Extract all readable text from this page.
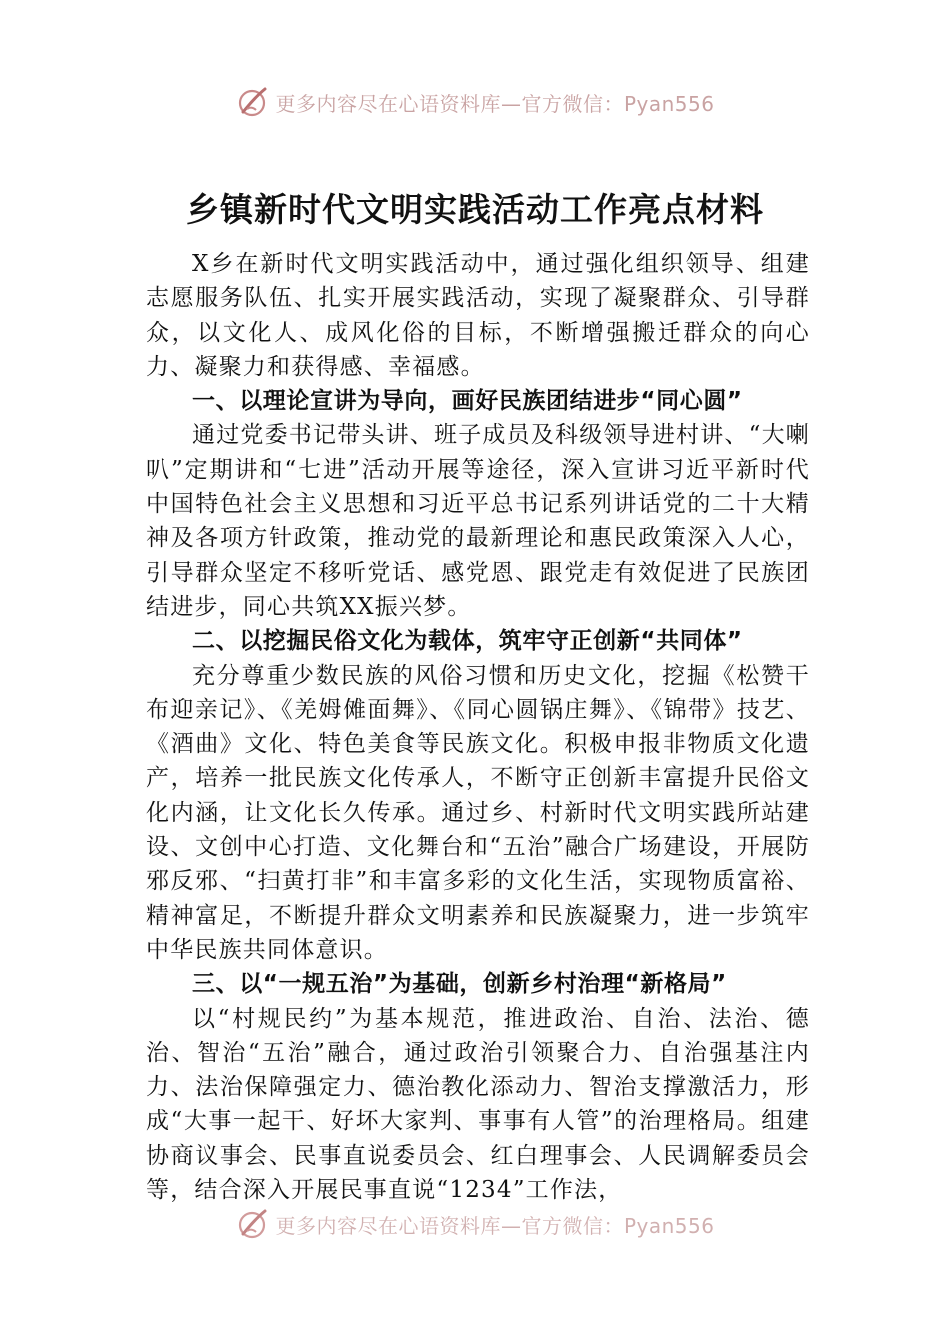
更多内容尽在心语资料库—官方微信：Pyan556
乡镇新时代文明实践活动工作亮点材料

X乡在新时代文明实践活动中，通过强化组织领导、组建志愿服务队伍、扎实开展实践活动，实现了凝聚群众、引导群众，以文化人、成风化俗的目标，不断增强搬迁群众的向心力、凝聚力和获得感、幸福感。

一、以理论宣讲为导向，画好民族团结进步“同心圆”

通过党委书记带头讲、班子成员及科级领导进村讲、“大喇叭”定期讲和“七进”活动开展等途径，深入宣讲习近平新时代中国特色社会主义思想和习近平总书记系列讲话党的二十大精神及各项方针政策，推动党的最新理论和惠民政策深入人心，引导群众坚定不移听党话、感党恩、跟党走有效促进了民族团结进步，同心共筑XX振兴梦。

二、以挖掘民俗文化为载体，筑牢守正创新“共同体”

充分尊重少数民族的风俗习惯和历史文化，挖掘《松赞干布迎亲记》、《羌姆傩面舞》、《同心圆锅庄舞》、《锦带》技艺、《酒曲》文化、特色美食等民族文化。积极申报非物质文化遗产，培养一批民族文化传承人，不断守正创新丰富提升民俗文化内涵，让文化长久传承。通过乡、村新时代文明实践所站建设、文创中心打造、文化舞台和“五治”融合广场建设，开展防邪反邪、“扫黄打非”和丰富多彩的文化生活，实现物质富裕、精神富足，不断提升群众文明素养和民族凝聚力，进一步筑牢中华民族共同体意识。

三、以“一规五治”为基础，创新乡村治理“新格局”

以“村规民约”为基本规范，推进政治、自治、法治、德治、智治“五治”融合，通过政治引领聚合力、自治强基注内力、法治保障强定力、德治教化添动力、智治支撑激活力，形成“大事一起干、好坏大家判、事事有人管”的治理格局。组建协商议事会、民事直说委员会、红白理事会、人民调解委员会等，结合深入开展民事直说“1234”工作法，

更多内容尽在心语资料库—官方微信：Pyan556
